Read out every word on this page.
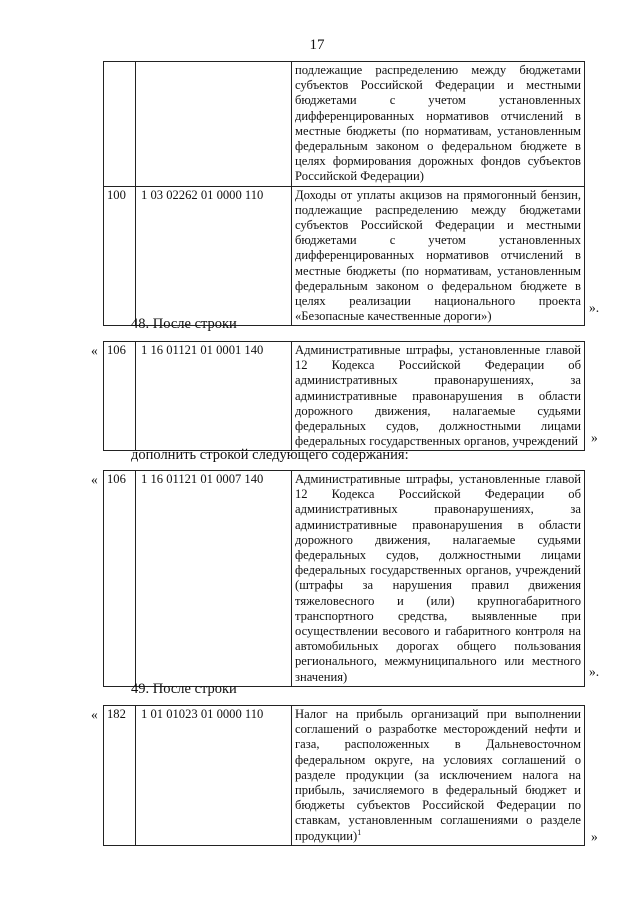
17
		подлежащие распределению между бюджетами субъектов Российской Федерации и местными бюджетами с учетом установленных дифференцированных нормативов отчислений в местные бюджеты (по нормативам, установленным федеральным законом о федеральном бюджете в целях формирования дорожных фондов субъектов Российской Федерации)
100	1 03 02262 01 0000 110	Доходы от уплаты акцизов на прямогонный бензин, подлежащие распределению между бюджетами субъектов Российской Федерации и местными бюджетами с учетом установленных дифференцированных нормативов отчислений в местные бюджеты (по нормативам, установленным федеральным законом о федеральном бюджете в целях реализации национального проекта «Безопасные качественные дороги»)
».
48. После строки
« 106	1 16 01121 01 0001 140	Административные штрафы, установленные главой 12 Кодекса Российской Федерации об административных правонарушениях, за административные правонарушения в области дорожного движения, налагаемые судьями федеральных судов, должностными лицами федеральных государственных органов, учреждений »
дополнить строкой следующего содержания:
« 106	1 16 01121 01 0007 140	Административные штрафы, установленные главой 12 Кодекса Российской Федерации об административных правонарушениях, за административные правонарушения в области дорожного движения, налагаемые судьями федеральных судов, должностными лицами федеральных государственных органов, учреждений (штрафы за нарушения правил движения тяжеловесного и (или) крупногабаритного транспортного средства, выявленные при осуществлении весового и габаритного контроля на автомобильных дорогах общего пользования регионального, межмуниципального или местного значения)	».
49. После строки
« 182	1 01 01023 01 0000 110	Налог на прибыль организаций при выполнении соглашений о разработке месторождений нефти и газа, расположенных в Дальневосточном федеральном округе, на условиях соглашений о разделе продукции (за исключением налога на прибыль, зачисляемого в федеральный бюджет и бюджеты субъектов Российской Федерации по ставкам, установленным соглашениями о разделе продукции)$^1$	»
